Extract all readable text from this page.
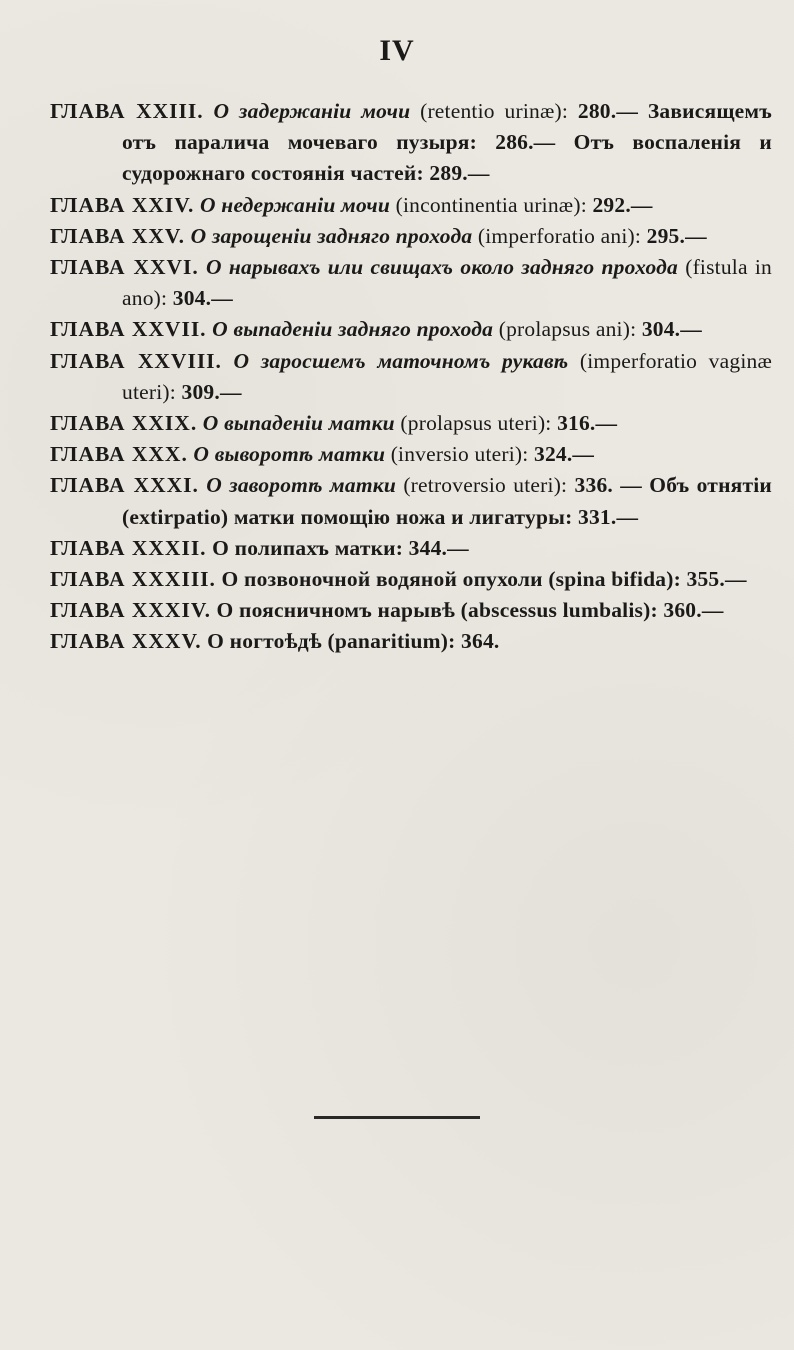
IV

ГЛАВА XXIII. О задержанiи мочи (retentio urinæ): 280.— Зависящемъ отъ паралича мочеваго пузыря: 286.— Отъ воспаленiя и судорожнаго состоянiя частей: 289.—

ГЛАВА XXIV. О недержанiи мочи (incontinentia urinæ): 292.—

ГЛАВА XXV. О зарощенiи задняго прохода (imperforatio ani): 295.—

ГЛАВА XXVI. О нарывахъ или свищахъ около задняго прохода (fistula in ano): 304.—

ГЛАВА XXVII. О выпаденiи задняго прохода (prolapsus ani): 304.—

ГЛАВА XXVIII. О заросшемъ маточномъ рукавѣ (imperforatio vaginæ uteri): 309.—

ГЛАВА XXIX. О выпаденiи матки (prolapsus uteri): 316.—

ГЛАВА XXX. О выворотѣ матки (inversio uteri): 324.—

ГЛАВА XXXI. О заворотѣ матки (retroversio uteri): 336. — Объ отнятiи (extirpatio) матки помощiю ножа и лигатуры: 331.—

ГЛАВА XXXII. О полипахъ матки: 344.—

ГЛАВА XXXIII. О позвоночной водяной опухоли (spina bifida): 355.—

ГЛАВА XXXIV. О поясничномъ нарывѣ (abscessus lumbalis): 360.—

ГЛАВА XXXV. О ногтоѣдѣ (panaritium): 364.
